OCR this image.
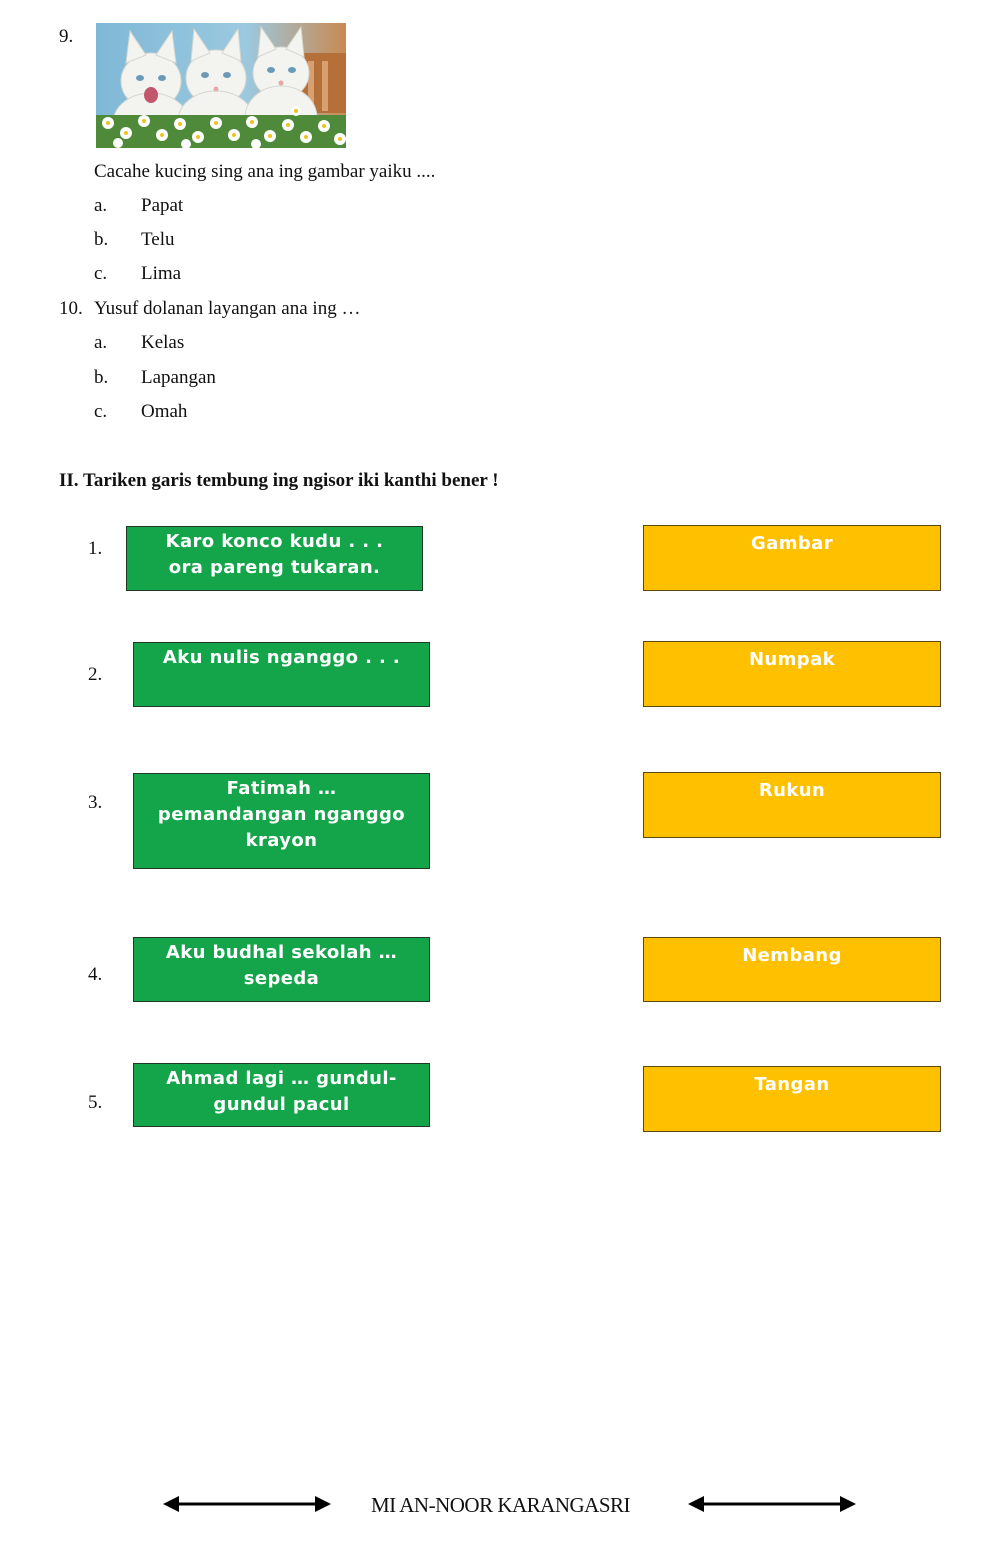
9.
Cacahe kucing sing ana ing gambar yaiku ....
a. Papat
b. Telu
c. Lima
10. Yusuf dolanan layangan ana ing …
a. Kelas
b. Lapangan
c. Omah
II. Tariken garis tembung ing ngisor iki kanthi bener !
1.
2.
3.
4.
5.
Karo konco kudu . . .
ora pareng tukaran.
Aku nulis nganggo . . .
Fatimah …
pemandangan nganggo
krayon
Aku budhal sekolah …
sepeda
Ahmad lagi … gundul-
gundul pacul
Gambar
Numpak
Rukun
Nembang
Tangan
MI AN-NOOR KARANGASRI
